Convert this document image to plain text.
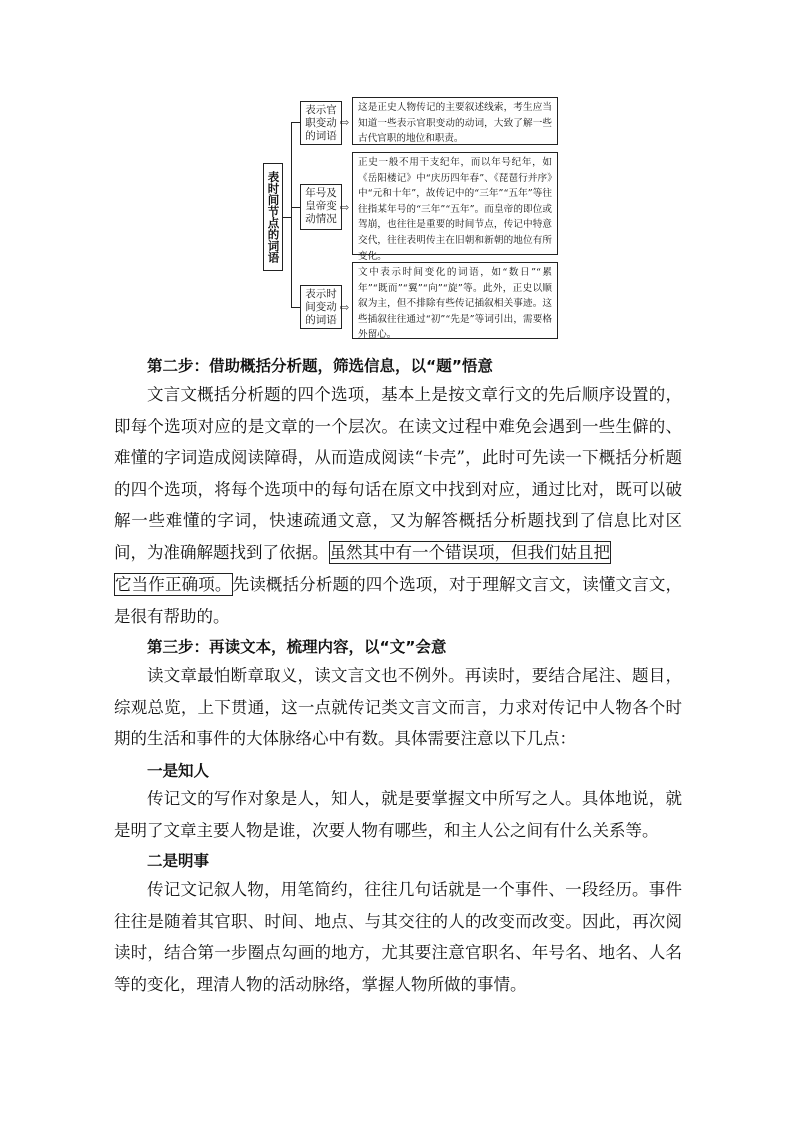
表时间节点的词语
表示官职变动的词语
年号及皇帝变动情况
表示时间变动的词语
⇨
⇨
⇨
这是正史人物传记的主要叙述线索，考生应当知道一些表示官职变动的动词，大致了解一些古代官职的地位和职责。
正史一般不用干支纪年，而以年号纪年，如《岳阳楼记》中“庆历四年春”、《琵琶行并序》中“元和十年”，故传记中的“三年”“五年”等往往指某年号的“三年”“五年”。而皇帝的即位或驾崩，也往往是重要的时间节点，传记中特意交代，往往表明传主在旧朝和新朝的地位有所变化。
文中表示时间变化的词语，如“数日”“累年”“既而”“翼”“向”“旋”等。此外，正史以顺叙为主，但不排除有些传记插叙相关事迹。这些插叙往往通过“初”“先是”等词引出，需要格外留心。
第二步：借助概括分析题，筛选信息，以“题”悟意

文言文概括分析题的四个选项，基本上是按文章行文的先后顺序设置的，即每个选项对应的是文章的一个层次。在读文过程中难免会遇到一些生僻的、难懂的字词造成阅读障碍，从而造成阅读“卡壳”，此时可先读一下概括分析题的四个选项，将每个选项中的每句话在原文中找到对应，通过比对，既可以破解一些难懂的字词，快速疏通文意，又为解答概括分析题找到了信息比对区间，为准确解题找到了依据。虽然其中有一个错误项，但我们姑且把

它当作正确项。先读概括分析题的四个选项，对于理解文言文，读懂文言文，是很有帮助的。

第三步：再读文本，梳理内容，以“文”会意

读文章最怕断章取义，读文言文也不例外。再读时，要结合尾注、题目，综观总览，上下贯通，这一点就传记类文言文而言，力求对传记中人物各个时期的生活和事件的大体脉络心中有数。具体需要注意以下几点：

一是知人

传记文的写作对象是人，知人，就是要掌握文中所写之人。具体地说，就是明了文章主要人物是谁，次要人物有哪些，和主人公之间有什么关系等。

二是明事

传记文记叙人物，用笔简约，往往几句话就是一个事件、一段经历。事件往往是随着其官职、时间、地点、与其交往的人的改变而改变。因此，再次阅读时，结合第一步圈点勾画的地方，尤其要注意官职名、年号名、地名、人名等的变化，理清人物的活动脉络，掌握人物所做的事情。
